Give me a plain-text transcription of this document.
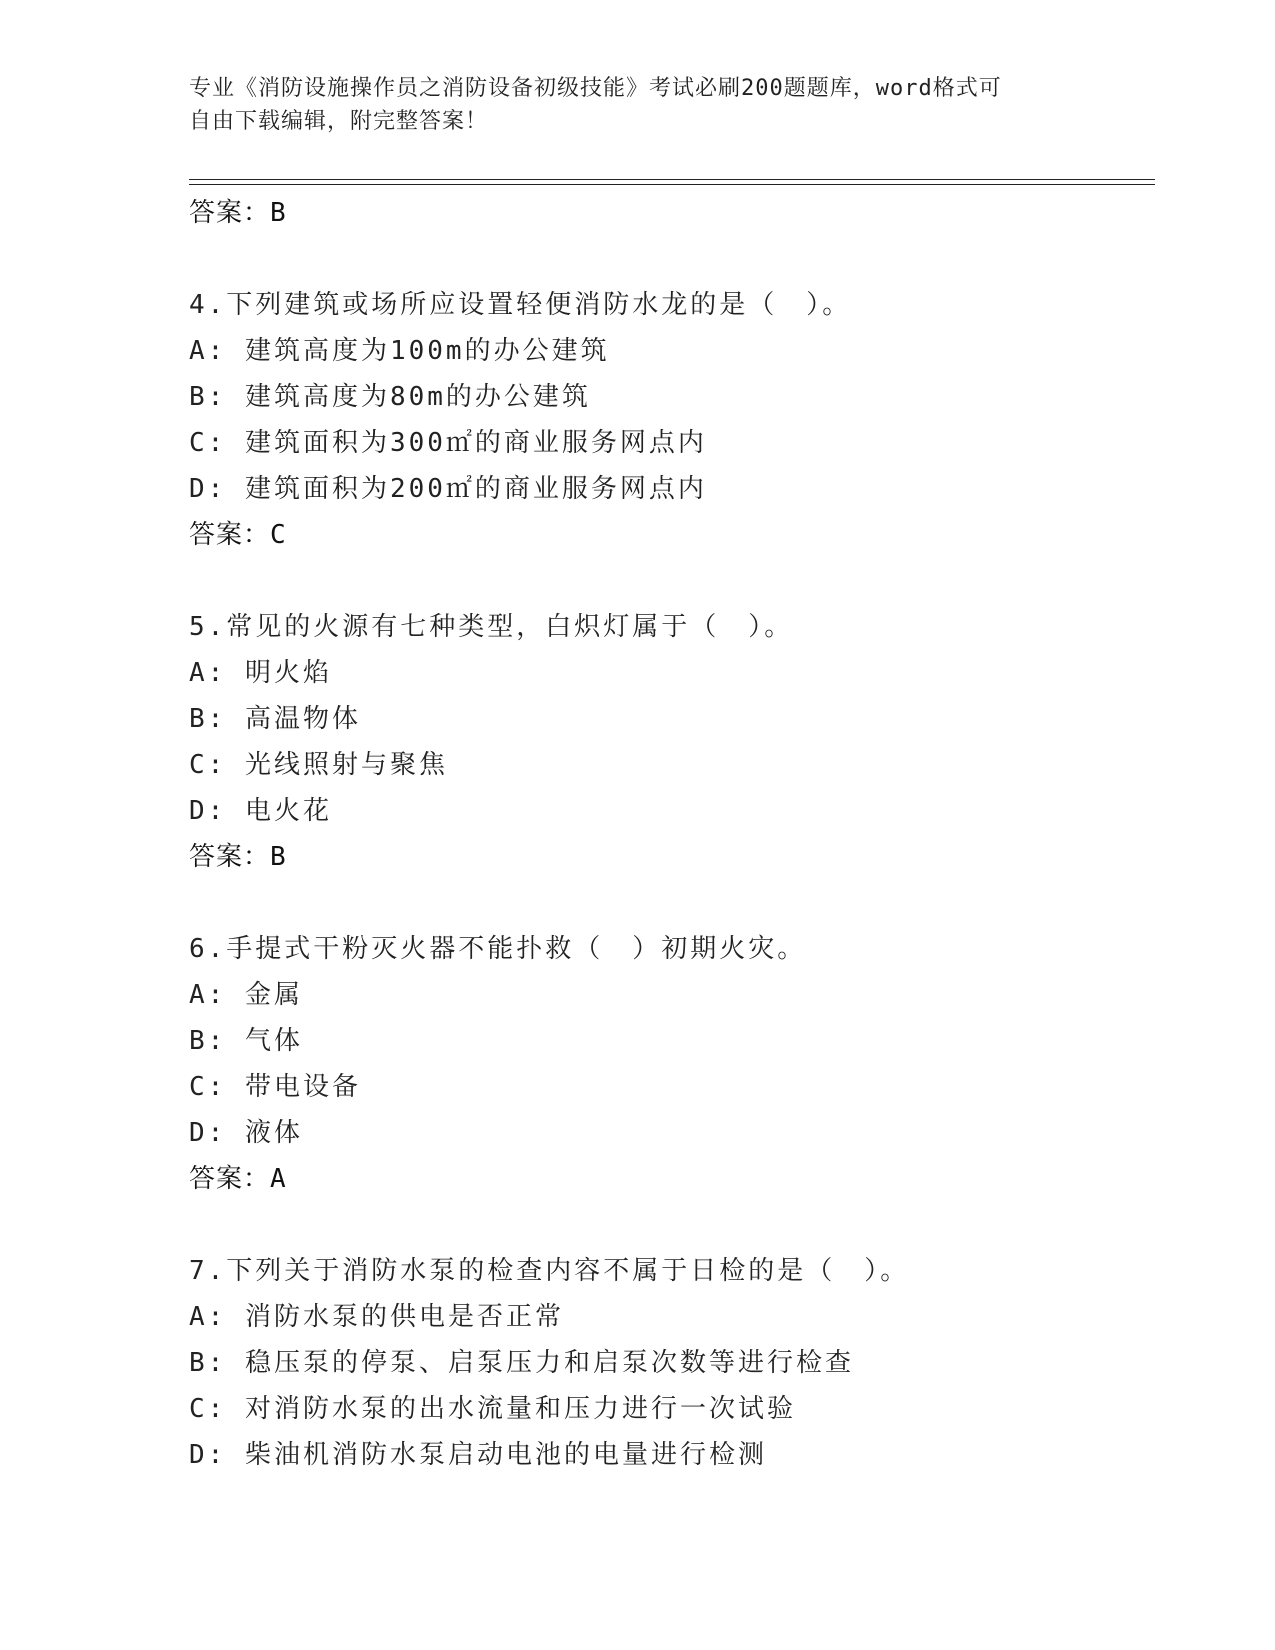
专业《消防设施操作员之消防设备初级技能》考试必刷200题题库，word格式可
自由下载编辑，附完整答案！
答案：B
4.下列建筑或场所应设置轻便消防水龙的是（　）。
A: 建筑高度为100m的办公建筑
B: 建筑高度为80m的办公建筑
C: 建筑面积为300㎡的商业服务网点内
D: 建筑面积为200㎡的商业服务网点内
答案：C
5.常见的火源有七种类型，白炽灯属于（　）。
A: 明火焰
B: 高温物体
C: 光线照射与聚焦
D: 电火花
答案：B
6.手提式干粉灭火器不能扑救（　）初期火灾。
A: 金属
B: 气体
C: 带电设备
D: 液体
答案：A
7.下列关于消防水泵的检查内容不属于日检的是（　）。
A: 消防水泵的供电是否正常
B: 稳压泵的停泵、启泵压力和启泵次数等进行检查
C: 对消防水泵的出水流量和压力进行一次试验
D: 柴油机消防水泵启动电池的电量进行检测
